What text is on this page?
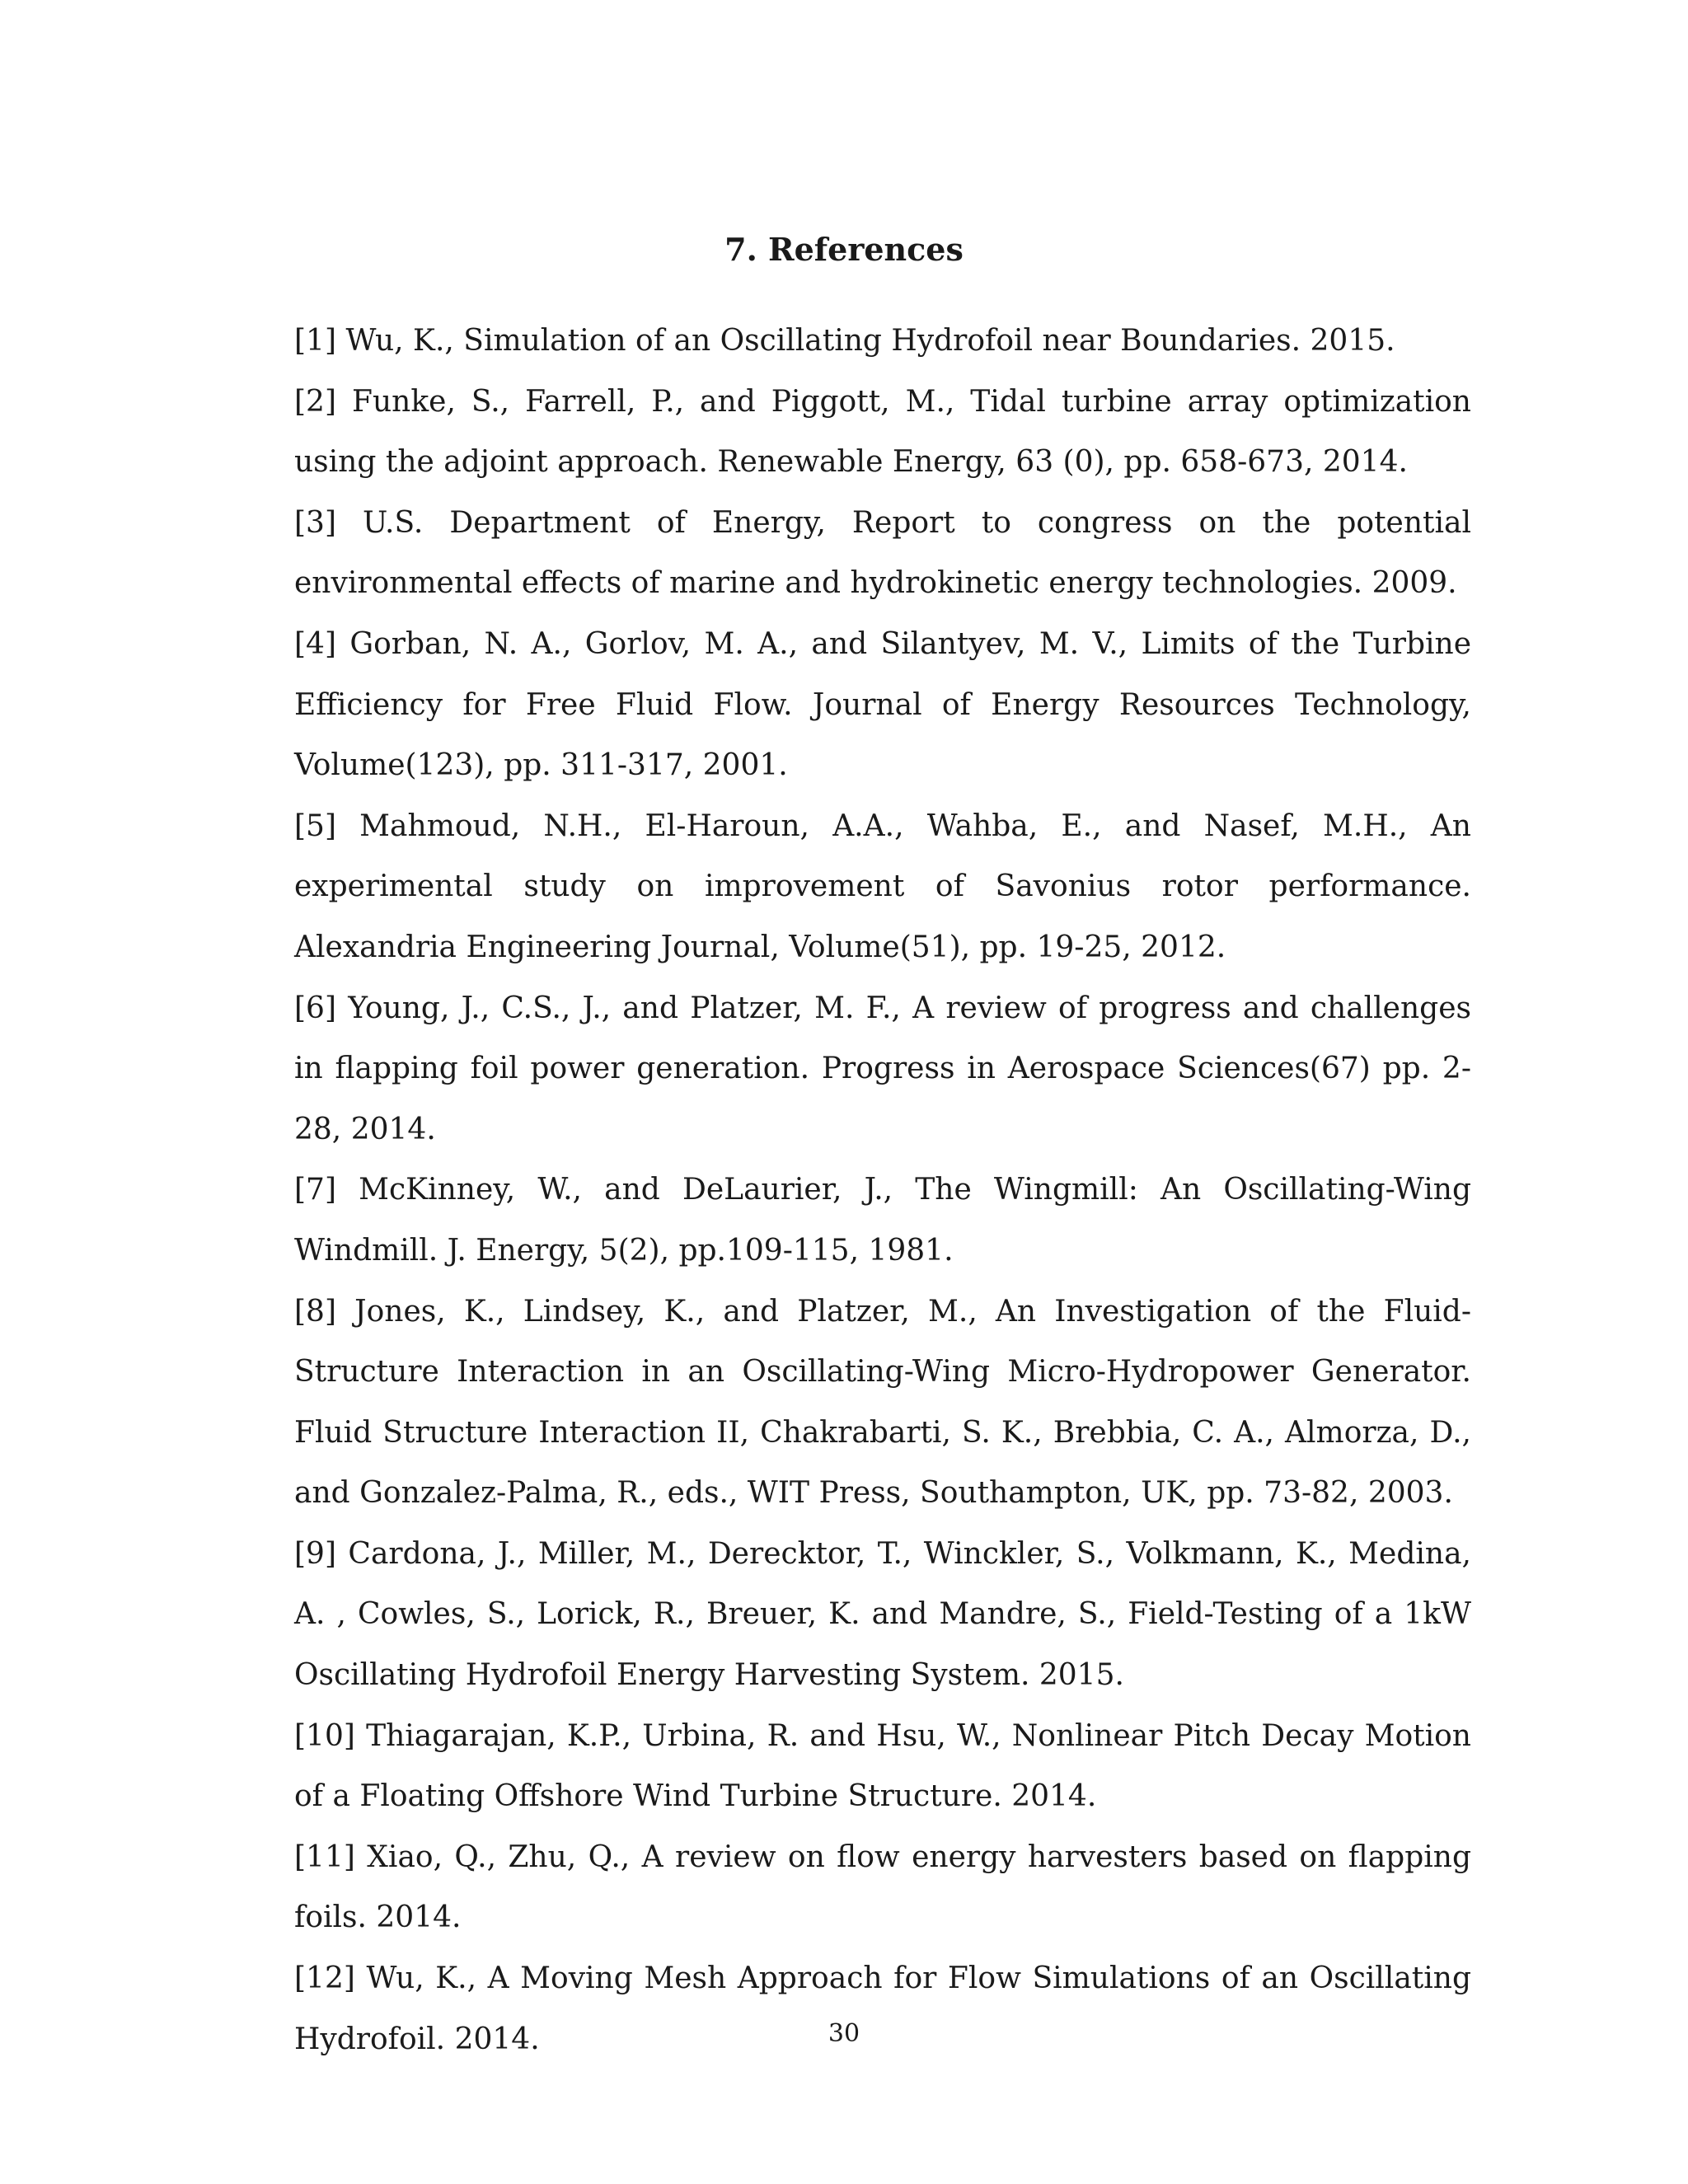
7. References

[1] Wu, K., Simulation of an Oscillating Hydrofoil near Boundaries. 2015.

[2] Funke, S., Farrell, P., and Piggott, M., Tidal turbine array optimization using the adjoint approach. Renewable Energy, 63 (0), pp. 658-673, 2014.

[3] U.S. Department of Energy, Report to congress on the potential environmental effects of marine and hydrokinetic energy technologies. 2009.

[4] Gorban, N. A., Gorlov, M. A., and Silantyev, M. V., Limits of the Turbine Efficiency for Free Fluid Flow. Journal of Energy Resources Technology, Volume(123), pp. 311-317, 2001.

[5] Mahmoud, N.H., El-Haroun, A.A., Wahba, E., and Nasef, M.H., An experimental study on improvement of Savonius rotor performance. Alexandria Engineering Journal, Volume(51), pp. 19-25, 2012.

[6] Young, J., C.S., J., and Platzer, M. F., A review of progress and challenges in flapping foil power generation. Progress in Aerospace Sciences(67) pp. 2-28, 2014.

[7] McKinney, W., and DeLaurier, J., The Wingmill: An Oscillating-Wing Windmill. J. Energy, 5(2), pp.109-115, 1981.

[8] Jones, K., Lindsey, K., and Platzer, M., An Investigation of the Fluid-Structure Interaction in an Oscillating-Wing Micro-Hydropower Generator. Fluid Structure Interaction II, Chakrabarti, S. K., Brebbia, C. A., Almorza, D., and Gonzalez-Palma, R., eds., WIT Press, Southampton, UK, pp. 73-82, 2003.

[9] Cardona, J., Miller, M., Derecktor, T., Winckler, S., Volkmann, K., Medina, A. , Cowles, S., Lorick, R., Breuer, K. and Mandre, S., Field-Testing of a 1kW Oscillating Hydrofoil Energy Harvesting System. 2015.

[10] Thiagarajan, K.P., Urbina, R. and Hsu, W., Nonlinear Pitch Decay Motion of a Floating Offshore Wind Turbine Structure. 2014.

[11] Xiao, Q., Zhu, Q., A review on flow energy harvesters based on flapping foils. 2014.

[12] Wu, K., A Moving Mesh Approach for Flow Simulations of an Oscillating Hydrofoil. 2014.	30
